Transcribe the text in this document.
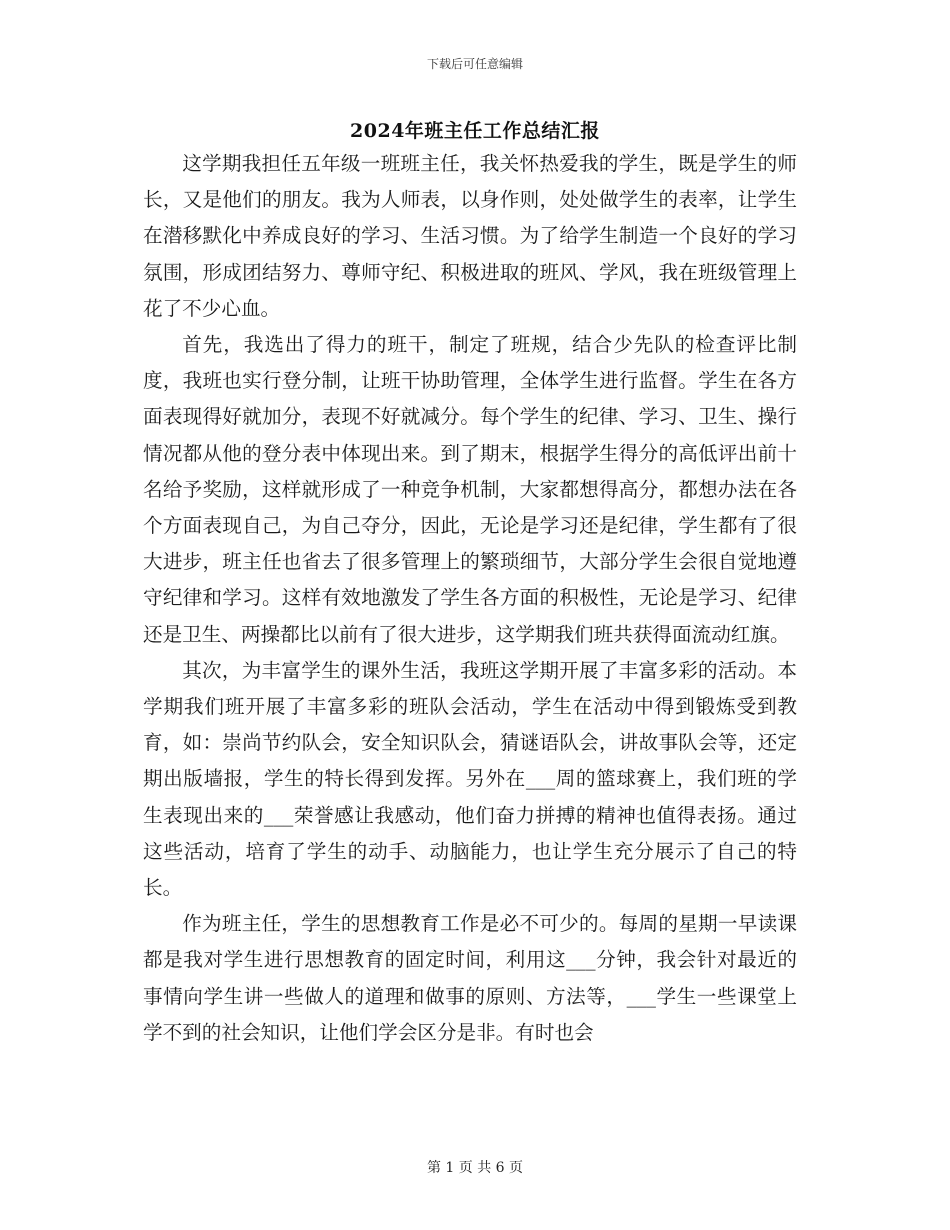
下载后可任意编辑
2024年班主任工作总结汇报

这学期我担任五年级一班班主任，我关怀热爱我的学生，既是学生的师长，又是他们的朋友。我为人师表，以身作则，处处做学生的表率，让学生在潜移默化中养成良好的学习、生活习惯。为了给学生制造一个良好的学习氛围，形成团结努力、尊师守纪、积极进取的班风、学风，我在班级管理上花了不少心血。

首先，我选出了得力的班干，制定了班规，结合少先队的检查评比制度，我班也实行登分制，让班干协助管理，全体学生进行监督。学生在各方面表现得好就加分，表现不好就减分。每个学生的纪律、学习、卫生、操行情况都从他的登分表中体现出来。到了期末，根据学生得分的高低评出前十名给予奖励，这样就形成了一种竞争机制，大家都想得高分，都想办法在各个方面表现自己，为自己夺分，因此，无论是学习还是纪律，学生都有了很大进步，班主任也省去了很多管理上的繁琐细节，大部分学生会很自觉地遵守纪律和学习。这样有效地激发了学生各方面的积极性，无论是学习、纪律还是卫生、两操都比以前有了很大进步，这学期我们班共获得面流动红旗。

其次，为丰富学生的课外生活，我班这学期开展了丰富多彩的活动。本学期我们班开展了丰富多彩的班队会活动，学生在活动中得到锻炼受到教育，如：崇尚节约队会，安全知识队会，猜谜语队会，讲故事队会等，还定期出版墙报，学生的特长得到发挥。另外在___周的篮球赛上，我们班的学生表现出来的___荣誉感让我感动，他们奋力拼搏的精神也值得表扬。通过这些活动，培育了学生的动手、动脑能力，也让学生充分展示了自己的特长。

作为班主任，学生的思想教育工作是必不可少的。每周的星期一早读课都是我对学生进行思想教育的固定时间，利用这___分钟，我会针对最近的事情向学生讲一些做人的道理和做事的原则、方法等，___学生一些课堂上学不到的社会知识，让他们学会区分是非。有时也会

第 1 页 共 6 页
